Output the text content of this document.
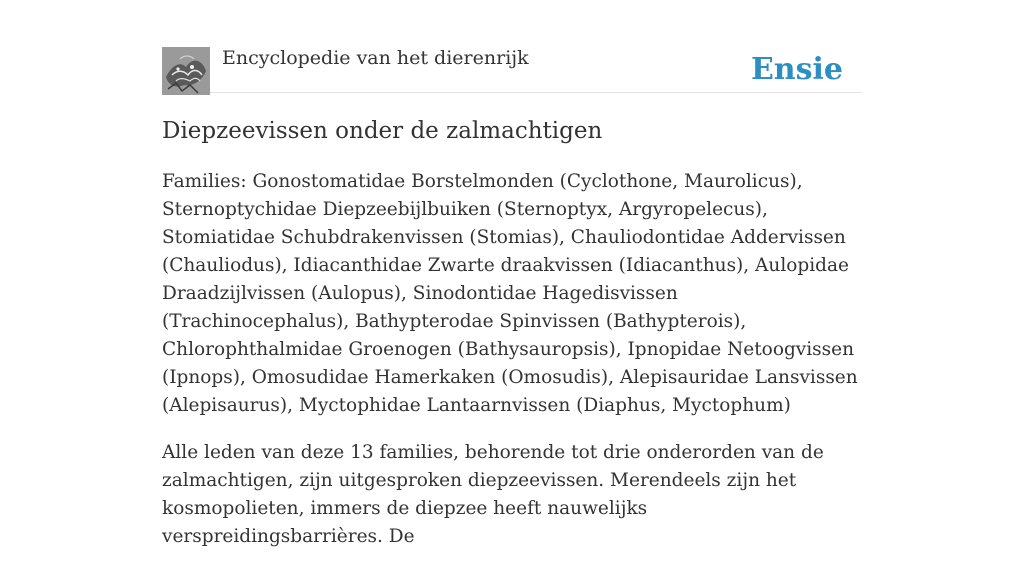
Encyclopedie van het dierenrijk	Ensie
Diepzeevissen onder de zalmachtigen

Families: Gonostomatidae Borstelmonden (Cyclothone, Maurolicus), Sternoptychidae Diepzeebijlbuiken (Sternoptyx, Argyropelecus), Stomiatidae Schubdrakenvissen (Stomias), Chauliodontidae Addervissen (Chauliodus), Idiacanthidae Zwarte draakvissen (Idiacanthus), Aulopidae Draadzijlvissen (Aulopus), Sinodontidae Hagedisvissen (Trachinocephalus), Bathypterodae Spinvissen (Bathypterois), Chlorophthalmidae Groenogen (Bathysauropsis), Ipnopidae Netoogvissen (Ipnops), Omosudidae Hamerkaken (Omosudis), Alepisauridae Lansvissen (Alepisaurus), Myctophidae Lantaarnvissen (Diaphus, Myctophum)

Alle leden van deze 13 families, behorende tot drie onderorden van de zalmachtigen, zijn uitgesproken diepzeevissen. Merendeels zijn het kosmopolieten, immers de diepzee heeft nauwelijks verspreidingsbarrières. De
